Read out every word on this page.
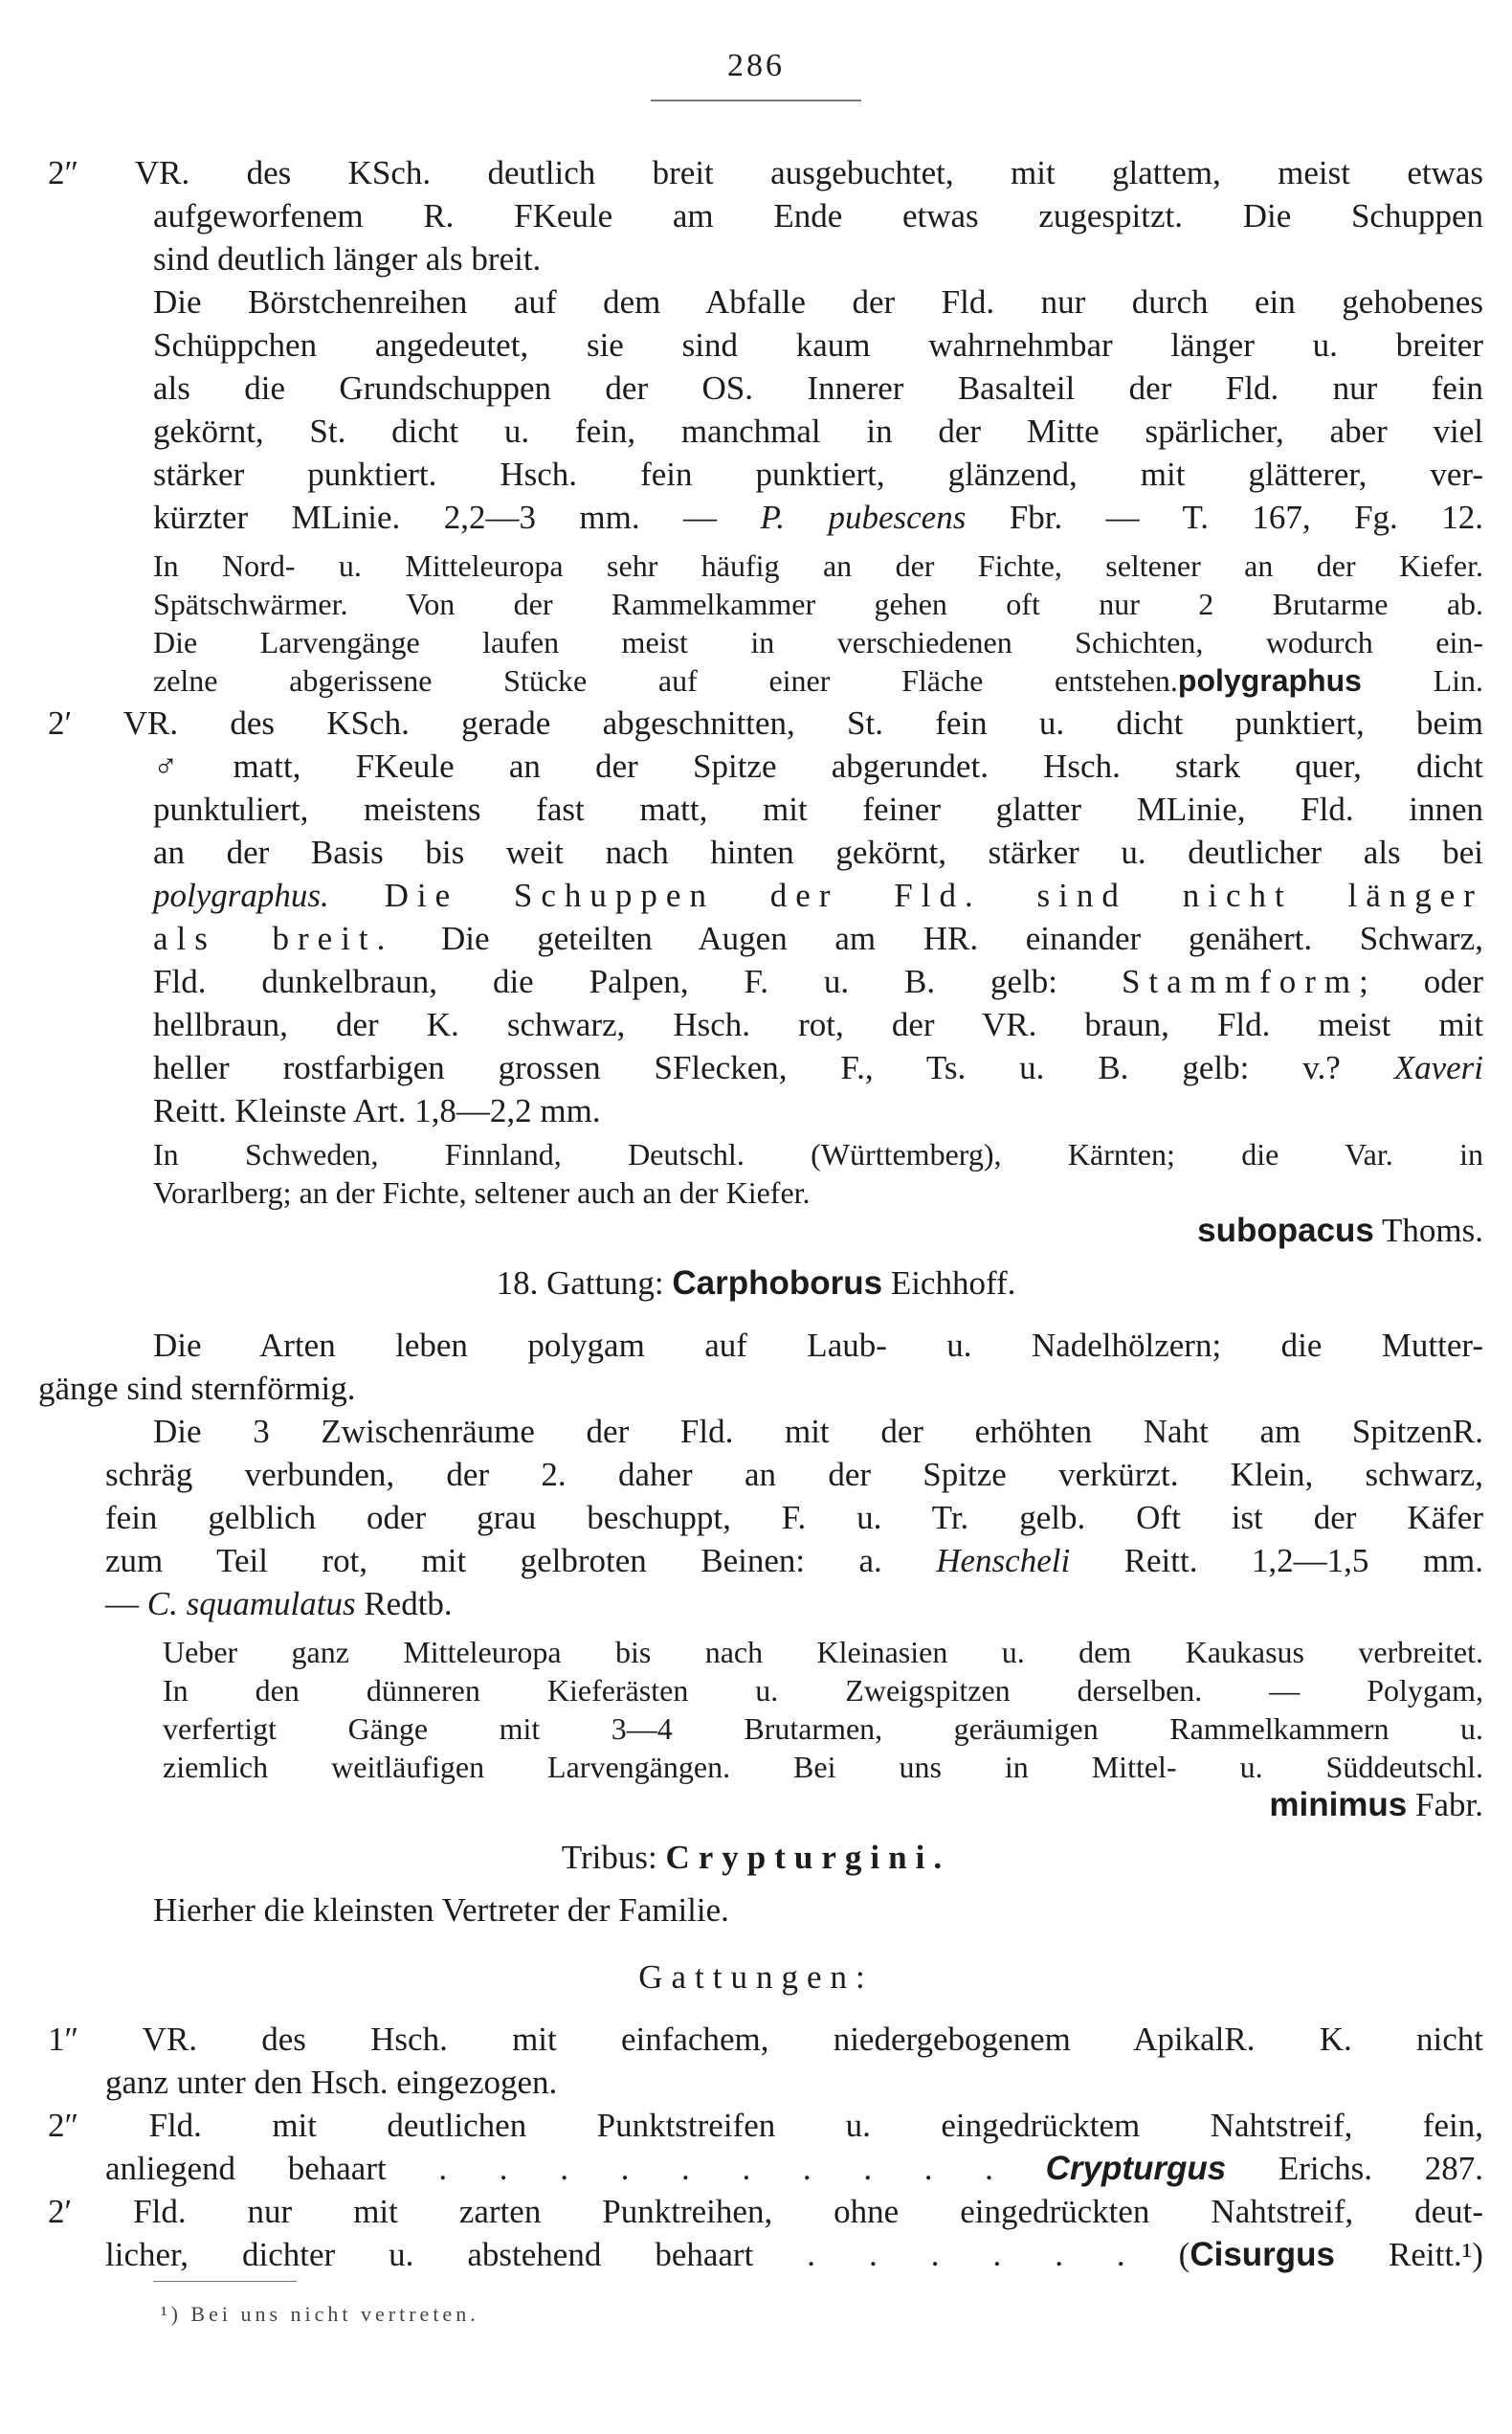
286
2″ VR. des KSch. deutlich breit ausgebuchtet, mit glattem, meist etwas
aufgeworfenem R. FKeule am Ende etwas zugespitzt. Die Schuppen
sind deutlich länger als breit.
Die Börstchenreihen auf dem Abfalle der Fld. nur durch ein gehobenes
Schüppchen angedeutet, sie sind kaum wahrnehmbar länger u. breiter
als die Grundschuppen der OS. Innerer Basalteil der Fld. nur fein
gekörnt, St. dicht u. fein, manchmal in der Mitte spärlicher, aber viel
stärker punktiert. Hsch. fein punktiert, glänzend, mit glätterer, ver-
kürzter MLinie. 2,2—3 mm. — P. pubescens Fbr. — T. 167, Fg. 12.
In Nord- u. Mitteleuropa sehr häufig an der Fichte, seltener an der Kiefer.
Spätschwärmer. Von der Rammelkammer gehen oft nur 2 Brutarme ab.
Die Larvengänge laufen meist in verschiedenen Schichten, wodurch ein-
zelne abgerissene Stücke auf einer Fläche entstehen.polygraphus Lin.
2′ VR. des KSch. gerade abgeschnitten, St. fein u. dicht punktiert, beim
♂ matt, FKeule an der Spitze abgerundet. Hsch. stark quer, dicht
punktuliert, meistens fast matt, mit feiner glatter MLinie, Fld. innen
an der Basis bis weit nach hinten gekörnt, stärker u. deutlicher als bei
polygraphus. Die Schuppen der Fld. sind nicht länger
als breit. Die geteilten Augen am HR. einander genähert. Schwarz,
Fld. dunkelbraun, die Palpen, F. u. B. gelb: Stammform; oder
hellbraun, der K. schwarz, Hsch. rot, der VR. braun, Fld. meist mit
heller rostfarbigen grossen SFlecken, F., Ts. u. B. gelb: v.? Xaveri
Reitt. Kleinste Art. 1,8—2,2 mm.
In Schweden, Finnland, Deutschl. (Württemberg), Kärnten; die Var. in
Vorarlberg; an der Fichte, seltener auch an der Kiefer.
subopacus Thoms.
18. Gattung: Carphoborus Eichhoff.
Die Arten leben polygam auf Laub- u. Nadelhölzern; die Mutter-
gänge sind sternförmig.
Die 3 Zwischenräume der Fld. mit der erhöhten Naht am SpitzenR.
schräg verbunden, der 2. daher an der Spitze verkürzt. Klein, schwarz,
fein gelblich oder grau beschuppt, F. u. Tr. gelb. Oft ist der Käfer
zum Teil rot, mit gelbroten Beinen: a. Henscheli Reitt. 1,2—1,5 mm.
— C. squamulatus Redtb.
Ueber ganz Mitteleuropa bis nach Kleinasien u. dem Kaukasus verbreitet.
In den dünneren Kieferästen u. Zweigspitzen derselben. — Polygam,
verfertigt Gänge mit 3—4 Brutarmen, geräumigen Rammelkammern u.
ziemlich weitläufigen Larvengängen. Bei uns in Mittel- u. Süddeutschl.
minimus Fabr.
Tribus: Crypturgini.
Hierher die kleinsten Vertreter der Familie.
Gattungen:
1″ VR. des Hsch. mit einfachem, niedergebogenem ApikalR. K. nicht
ganz unter den Hsch. eingezogen.
2″ Fld. mit deutlichen Punktstreifen u. eingedrücktem Nahtstreif, fein,
anliegend behaart . . . . . . . . . . Crypturgus Erichs. 287.
2′ Fld. nur mit zarten Punktreihen, ohne eingedrückten Nahtstreif, deut-
licher, dichter u. abstehend behaart . . . . . . (Cisurgus Reitt.¹)
¹) Bei uns nicht vertreten.
